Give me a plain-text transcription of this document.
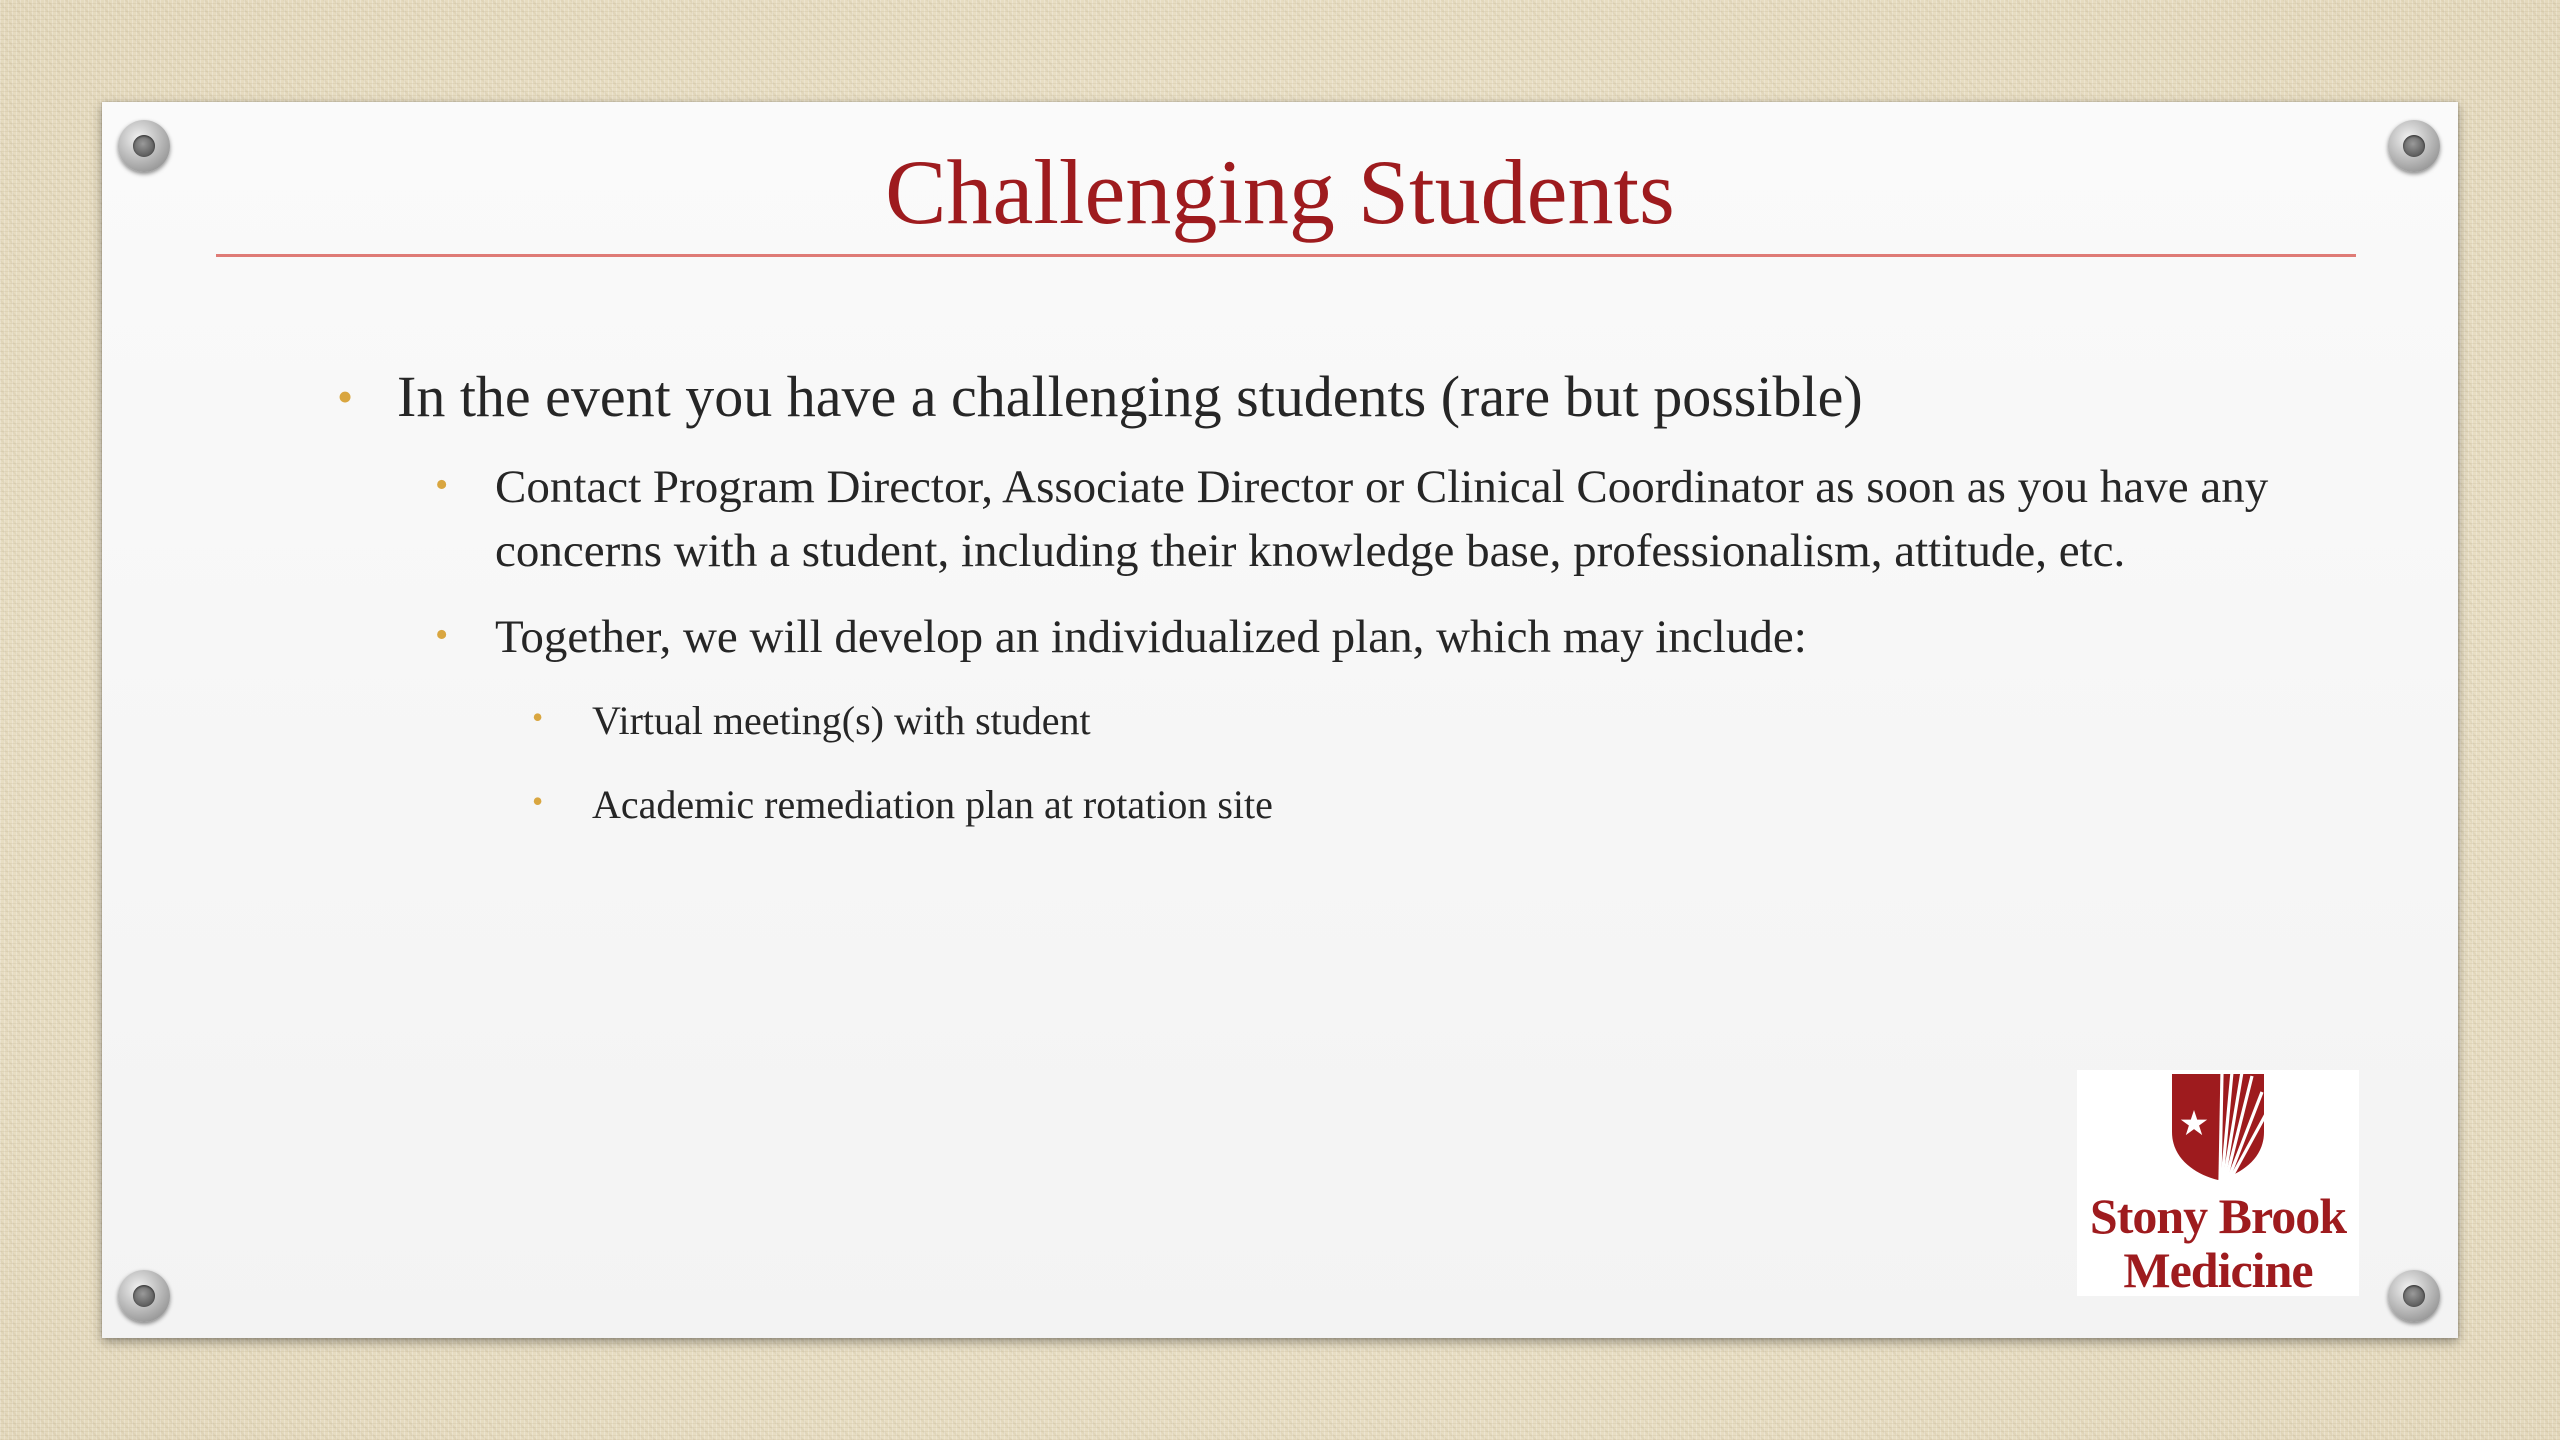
Challenging Students

• In the event you have a challenging students (rare but possible)

• Contact Program Director, Associate Director or Clinical Coordinator as soon as you have any concerns with a student, including their knowledge base, professionalism, attitude, etc.

• Together, we will develop an individualized plan, which may include:

• Virtual meeting(s) with student

• Academic remediation plan at rotation site

Stony Brook
Medicine
